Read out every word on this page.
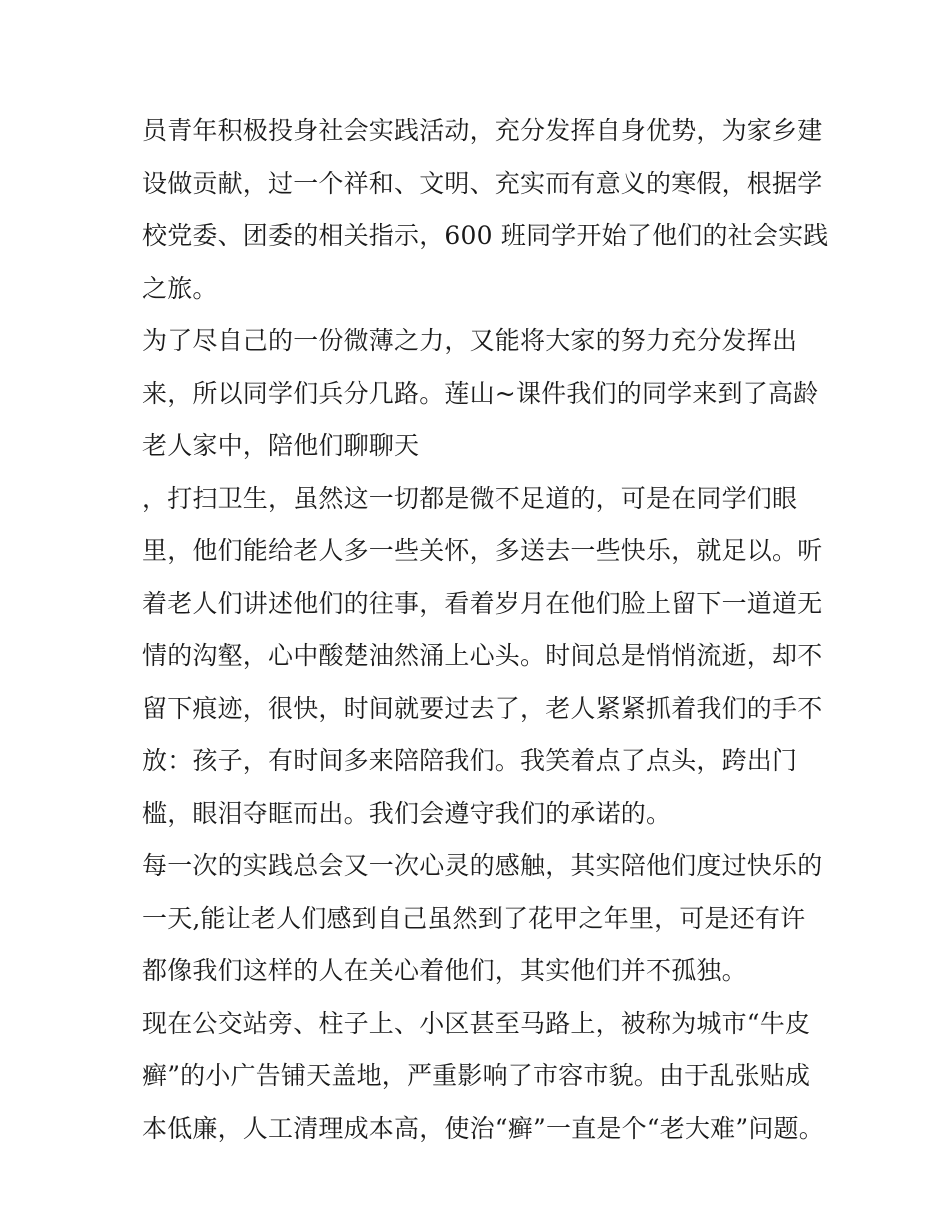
员青年积极投身社会实践活动，充分发挥自身优势，为家乡建
设做贡献，过一个祥和、文明、充实而有意义的寒假，根据学
校党委、团委的相关指示，600 班同学开始了他们的社会实践
之旅。
为了尽自己的一份微薄之力，又能将大家的努力充分发挥出
来，所以同学们兵分几路。莲山~课件我们的同学来到了高龄
老人家中，陪他们聊聊天
，打扫卫生，虽然这一切都是微不足道的，可是在同学们眼
里，他们能给老人多一些关怀，多送去一些快乐，就足以。听
着老人们讲述他们的往事，看着岁月在他们脸上留下一道道无
情的沟壑，心中酸楚油然涌上心头。时间总是悄悄流逝，却不
留下痕迹，很快，时间就要过去了，老人紧紧抓着我们的手不
放：孩子，有时间多来陪陪我们。我笑着点了点头，跨出门
槛，眼泪夺眶而出。我们会遵守我们的承诺的。
每一次的实践总会又一次心灵的感触，其实陪他们度过快乐的
一天,能让老人们感到自己虽然到了花甲之年里，可是还有许
都像我们这样的人在关心着他们，其实他们并不孤独。
现在公交站旁、柱子上、小区甚至马路上，被称为城市“牛皮
癣”的小广告铺天盖地，严重影响了市容市貌。由于乱张贴成
本低廉，人工清理成本高，使治“癣”一直是个“老大难”问题。
